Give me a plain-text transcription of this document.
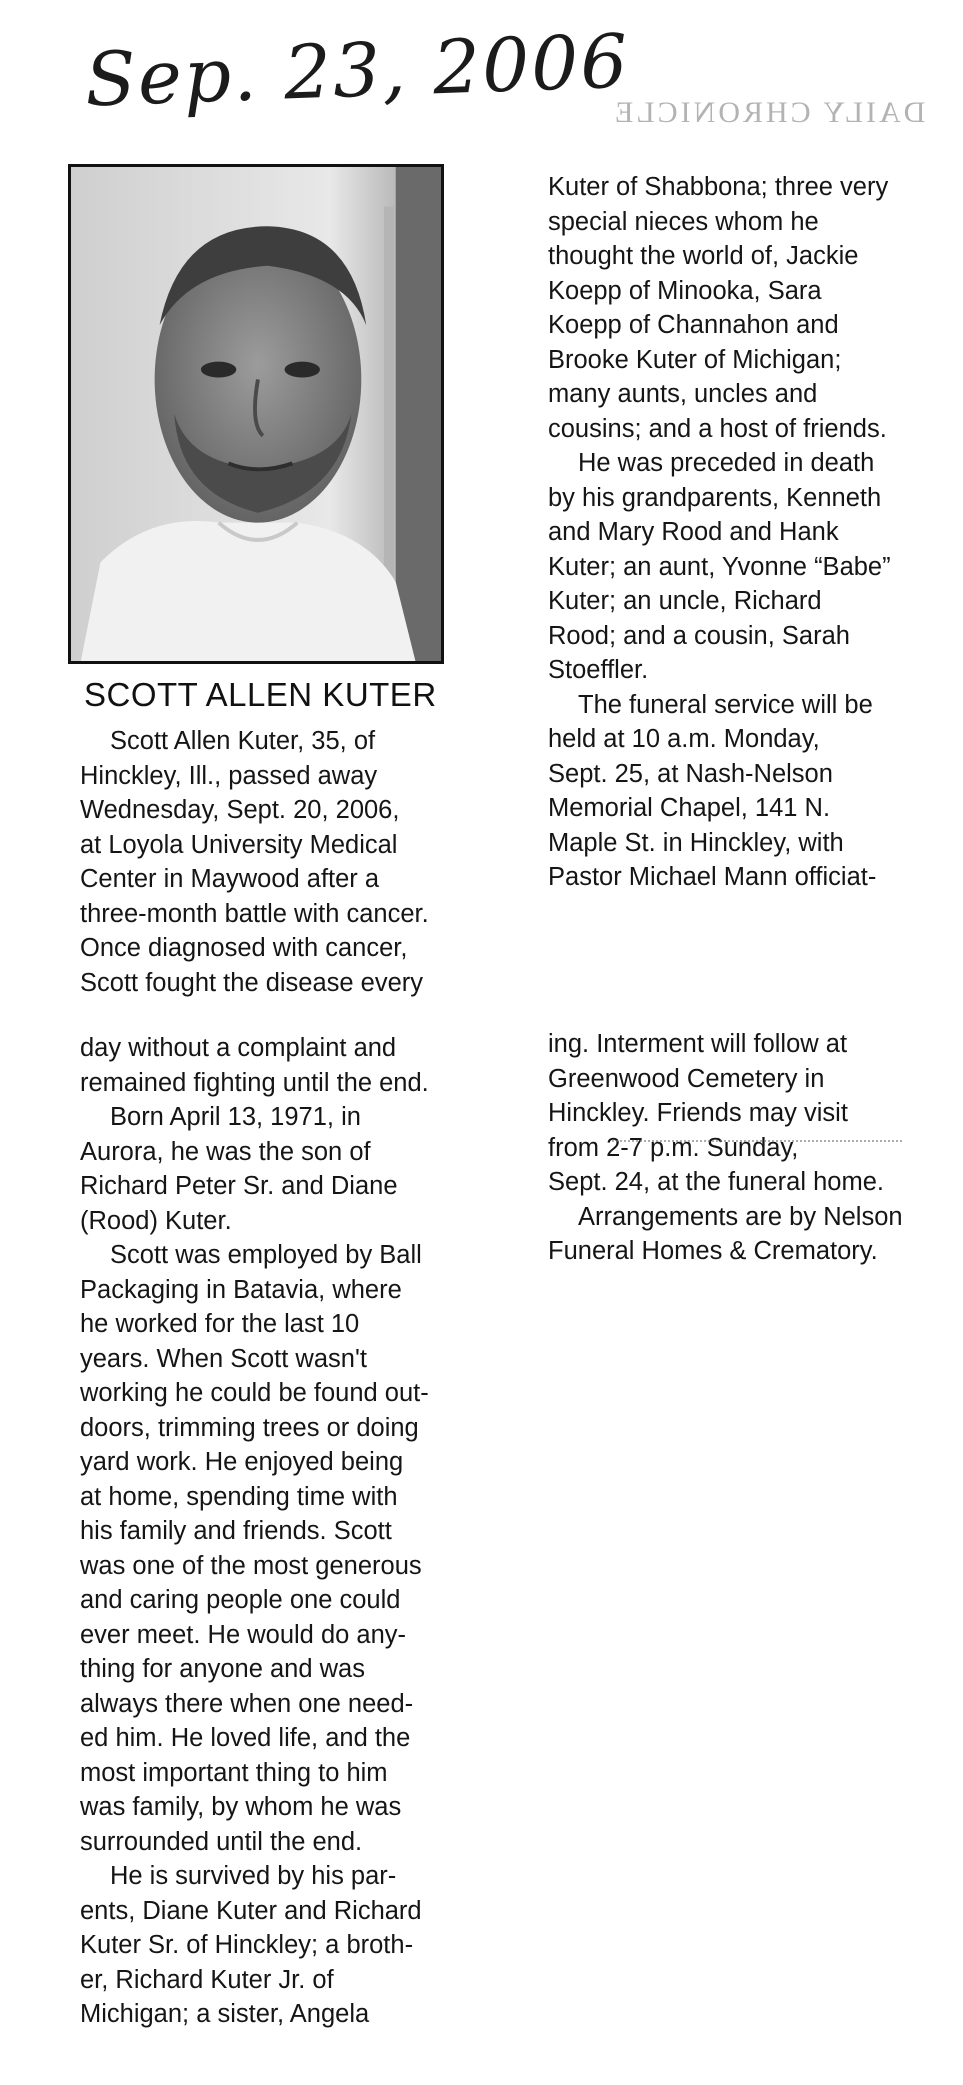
Sep. 23, 2006
DAILY CHRONICLE
SCOTT ALLEN KUTER
Scott Allen Kuter, 35, of
Hinckley, Ill., passed away
Wednesday, Sept. 20, 2006,
at Loyola University Medical
Center in Maywood after a
three-month battle with cancer.
Once diagnosed with cancer,
Scott fought the disease every
day without a complaint and
remained fighting until the end.
Born April 13, 1971, in
Aurora, he was the son of
Richard Peter Sr. and Diane
(Rood) Kuter.
Scott was employed by Ball
Packaging in Batavia, where
he worked for the last 10
years. When Scott wasn't
working he could be found out-
doors, trimming trees or doing
yard work. He enjoyed being
at home, spending time with
his family and friends. Scott
was one of the most generous
and caring people one could
ever meet. He would do any-
thing for anyone and was
always there when one need-
ed him. He loved life, and the
most important thing to him
was family, by whom he was
surrounded until the end.
He is survived by his par-
ents, Diane Kuter and Richard
Kuter Sr. of Hinckley; a broth-
er, Richard Kuter Jr. of
Michigan; a sister, Angela
Kuter of Shabbona; three very
special nieces whom he
thought the world of, Jackie
Koepp of Minooka, Sara
Koepp of Channahon and
Brooke Kuter of Michigan;
many aunts, uncles and
cousins; and a host of friends.
He was preceded in death
by his grandparents, Kenneth
and Mary Rood and Hank
Kuter; an aunt, Yvonne “Babe”
Kuter; an uncle, Richard
Rood; and a cousin, Sarah
Stoeffler.
The funeral service will be
held at 10 a.m. Monday,
Sept. 25, at Nash-Nelson
Memorial Chapel, 141 N.
Maple St. in Hinckley, with
Pastor Michael Mann officiat-
ing. Interment will follow at
Greenwood Cemetery in
Hinckley. Friends may visit
from 2-7 p.m. Sunday,
Sept. 24, at the funeral home.
Arrangements are by Nelson
Funeral Homes & Crematory.
